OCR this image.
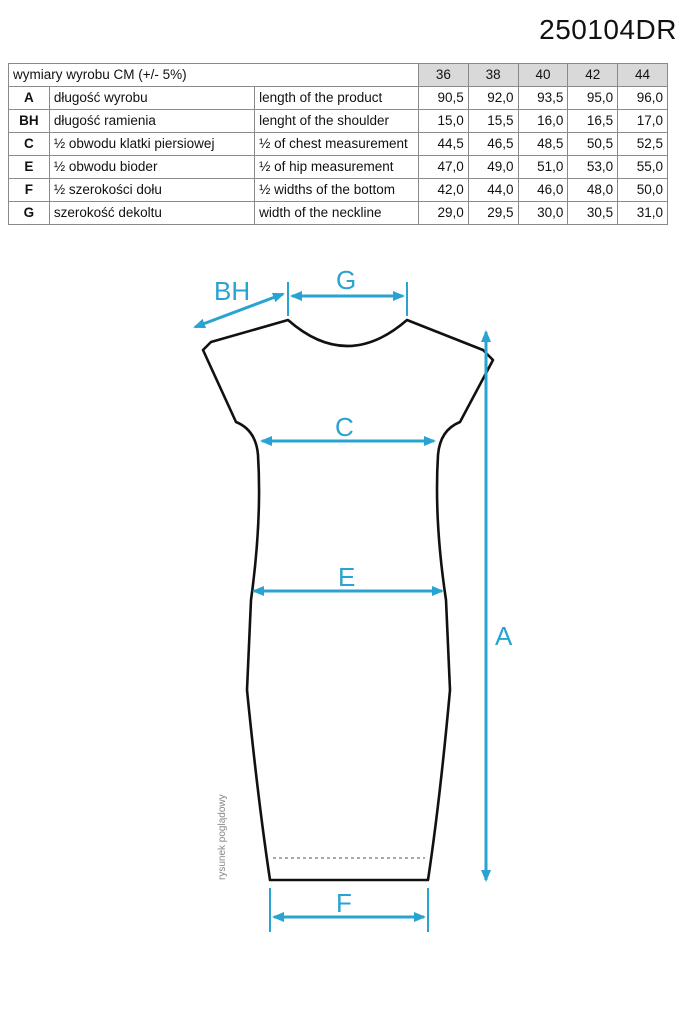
250104DR
wymiary wyrobu CM (+/- 5%)			36	38	40	42	44
A	długość wyrobu	length of the product	90,5	92,0	93,5	95,0	96,0
BH	długość ramienia	lenght of the shoulder	15,0	15,5	16,0	16,5	17,0
C	½ obwodu klatki piersiowej	½ of chest measurement	44,5	46,5	48,5	50,5	52,5
E	½ obwodu bioder	½ of hip measurement	47,0	49,0	51,0	53,0	55,0
F	½ szerokości dołu	½ widths of the bottom	42,0	44,0	46,0	48,0	50,0
G	szerokość dekoltu	width of the neckline	29,0	29,5	30,0	30,5	31,0
BH	G
C
E
A
F
rysunek poglądowy
